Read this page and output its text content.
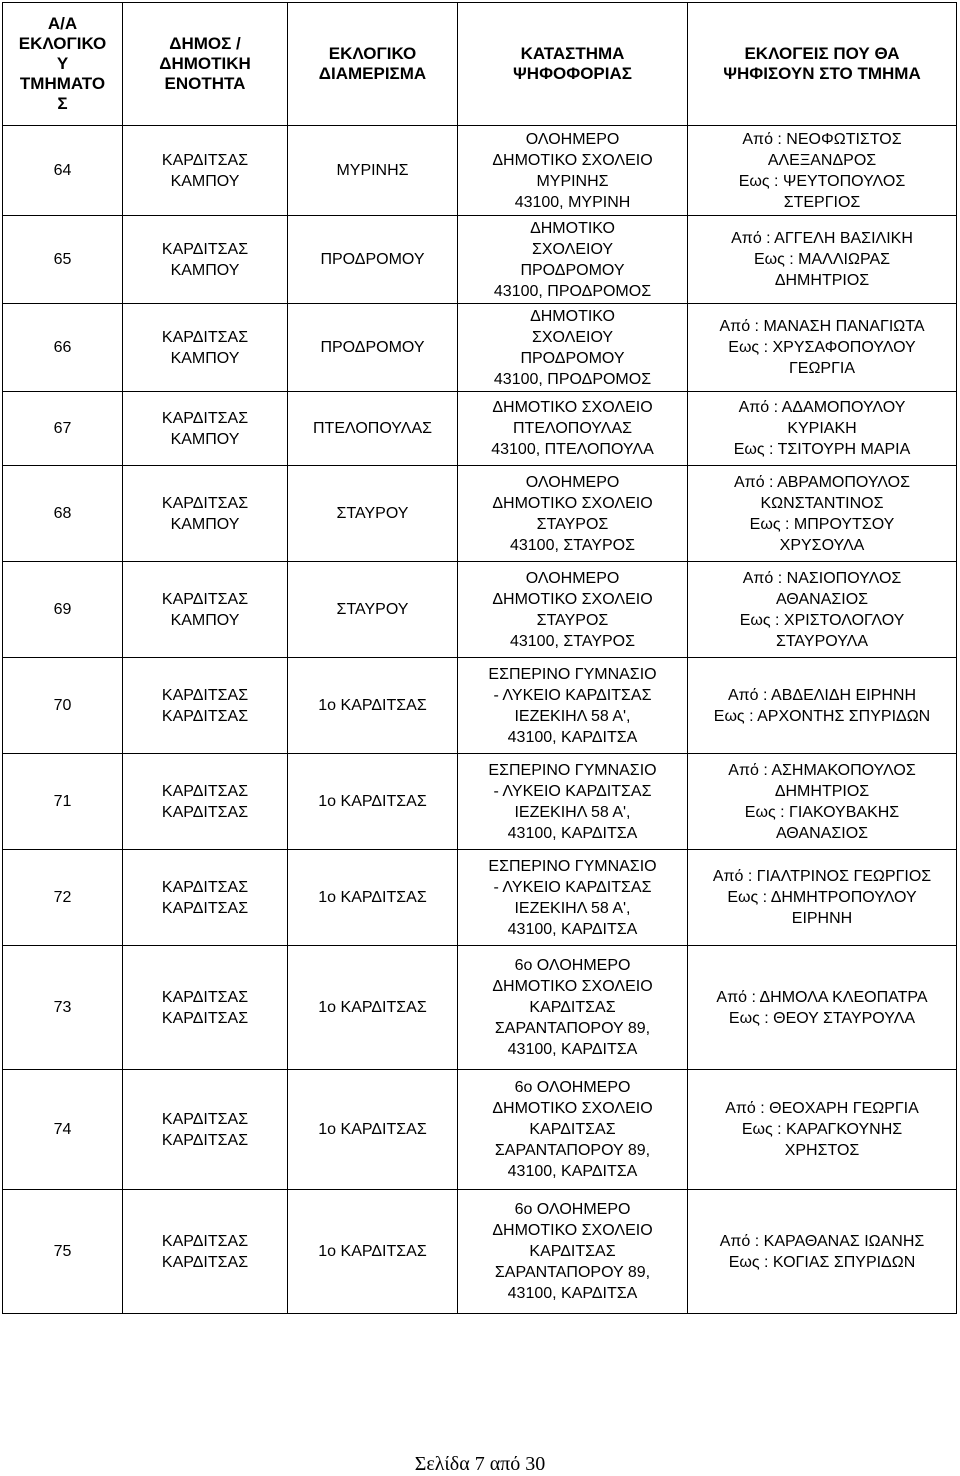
Α/Α
ΕΚΛΟΓΙΚΟ
Υ
ΤΜΗΜΑΤΟ
Σ	ΔΗΜΟΣ /
ΔΗΜΟΤΙΚΗ
ΕΝΟΤΗΤΑ	ΕΚΛΟΓΙΚΟ
ΔΙΑΜΕΡΙΣΜΑ	ΚΑΤΑΣΤΗΜΑ
ΨΗΦΟΦΟΡΙΑΣ	ΕΚΛΟΓΕΙΣ ΠΟΥ ΘΑ
ΨΗΦΙΣΟΥΝ ΣΤΟ ΤΜΗΜΑ

64	ΚΑΡΔΙΤΣΑΣ
ΚΑΜΠΟΥ	ΜΥΡΙΝΗΣ	ΟΛΟΗΜΕΡΟ
ΔΗΜΟΤΙΚΟ ΣΧΟΛΕΙΟ
ΜΥΡΙΝΗΣ
43100, ΜΥΡΙΝΗ	Από : ΝΕΟΦΩΤΙΣΤΟΣ
ΑΛΕΞΑΝΔΡΟΣ
Εως : ΨΕΥΤΟΠΟΥΛΟΣ
ΣΤΕΡΓΙΟΣ

65	ΚΑΡΔΙΤΣΑΣ
ΚΑΜΠΟΥ	ΠΡΟΔΡΟΜΟΥ	ΔΗΜΟΤΙΚΟ
ΣΧΟΛΕΙΟΥ
ΠΡΟΔΡΟΜΟΥ
43100, ΠΡΟΔΡΟΜΟΣ	Από : ΑΓΓΕΛΗ ΒΑΣΙΛΙΚΗ
Εως : ΜΑΛΛΙΩΡΑΣ
ΔΗΜΗΤΡΙΟΣ

66	ΚΑΡΔΙΤΣΑΣ
ΚΑΜΠΟΥ	ΠΡΟΔΡΟΜΟΥ	ΔΗΜΟΤΙΚΟ
ΣΧΟΛΕΙΟΥ
ΠΡΟΔΡΟΜΟΥ
43100, ΠΡΟΔΡΟΜΟΣ	Από : ΜΑΝΑΣΗ ΠΑΝΑΓΙΩΤΑ
Εως : ΧΡΥΣΑΦΟΠΟΥΛΟΥ
ΓΕΩΡΓΙΑ

67	ΚΑΡΔΙΤΣΑΣ
ΚΑΜΠΟΥ	ΠΤΕΛΟΠΟΥΛΑΣ	ΔΗΜΟΤΙΚΟ ΣΧΟΛΕΙΟ
ΠΤΕΛΟΠΟΥΛΑΣ
43100, ΠΤΕΛΟΠΟΥΛΑ	Από : ΑΔΑΜΟΠΟΥΛΟΥ
ΚΥΡΙΑΚΗ
Εως : ΤΣΙΤΟΥΡΗ ΜΑΡΙΑ

68	ΚΑΡΔΙΤΣΑΣ
ΚΑΜΠΟΥ	ΣΤΑΥΡΟΥ	ΟΛΟΗΜΕΡΟ
ΔΗΜΟΤΙΚΟ ΣΧΟΛΕΙΟ
ΣΤΑΥΡΟΣ
43100, ΣΤΑΥΡΟΣ	Από : ΑΒΡΑΜΟΠΟΥΛΟΣ
ΚΩΝΣΤΑΝΤΙΝΟΣ
Εως : ΜΠΡΟΥΤΣΟΥ
ΧΡΥΣΟΥΛΑ

69	ΚΑΡΔΙΤΣΑΣ
ΚΑΜΠΟΥ	ΣΤΑΥΡΟΥ	ΟΛΟΗΜΕΡΟ
ΔΗΜΟΤΙΚΟ ΣΧΟΛΕΙΟ
ΣΤΑΥΡΟΣ
43100, ΣΤΑΥΡΟΣ	Από : ΝΑΣΙΟΠΟΥΛΟΣ
ΑΘΑΝΑΣΙΟΣ
Εως : ΧΡΙΣΤΟΛΟΓΛΟΥ
ΣΤΑΥΡΟΥΛΑ

70	ΚΑΡΔΙΤΣΑΣ
ΚΑΡΔΙΤΣΑΣ	1ο ΚΑΡΔΙΤΣΑΣ	ΕΣΠΕΡΙΝΟ ΓΥΜΝΑΣΙΟ
- ΛΥΚΕΙΟ ΚΑΡΔΙΤΣΑΣ
ΙΕΖΕΚΙΗΛ 58 Α',
43100, ΚΑΡΔΙΤΣΑ	Από : ΑΒΔΕΛΙΔΗ ΕΙΡΗΝΗ
Εως : ΑΡΧΟΝΤΗΣ ΣΠΥΡΙΔΩΝ

71	ΚΑΡΔΙΤΣΑΣ
ΚΑΡΔΙΤΣΑΣ	1ο ΚΑΡΔΙΤΣΑΣ	ΕΣΠΕΡΙΝΟ ΓΥΜΝΑΣΙΟ
- ΛΥΚΕΙΟ ΚΑΡΔΙΤΣΑΣ
ΙΕΖΕΚΙΗΛ 58 Α',
43100, ΚΑΡΔΙΤΣΑ	Από : ΑΣΗΜΑΚΟΠΟΥΛΟΣ
ΔΗΜΗΤΡΙΟΣ
Εως : ΓΙΑΚΟΥΒΑΚΗΣ
ΑΘΑΝΑΣΙΟΣ

72	ΚΑΡΔΙΤΣΑΣ
ΚΑΡΔΙΤΣΑΣ	1ο ΚΑΡΔΙΤΣΑΣ	ΕΣΠΕΡΙΝΟ ΓΥΜΝΑΣΙΟ
- ΛΥΚΕΙΟ ΚΑΡΔΙΤΣΑΣ
ΙΕΖΕΚΙΗΛ 58 Α',
43100, ΚΑΡΔΙΤΣΑ	Από : ΓΙΑΛΤΡΙΝΟΣ ΓΕΩΡΓΙΟΣ
Εως : ΔΗΜΗΤΡΟΠΟΥΛΟΥ
ΕΙΡΗΝΗ

73	ΚΑΡΔΙΤΣΑΣ
ΚΑΡΔΙΤΣΑΣ	1ο ΚΑΡΔΙΤΣΑΣ	6ο ΟΛΟΗΜΕΡΟ
ΔΗΜΟΤΙΚΟ ΣΧΟΛΕΙΟ
ΚΑΡΔΙΤΣΑΣ
ΣΑΡΑΝΤΑΠΟΡΟΥ 89,
43100, ΚΑΡΔΙΤΣΑ	Από : ΔΗΜΟΛΑ ΚΛΕΟΠΑΤΡΑ
Εως : ΘΕΟΥ ΣΤΑΥΡΟΥΛΑ

74	ΚΑΡΔΙΤΣΑΣ
ΚΑΡΔΙΤΣΑΣ	1ο ΚΑΡΔΙΤΣΑΣ	6ο ΟΛΟΗΜΕΡΟ
ΔΗΜΟΤΙΚΟ ΣΧΟΛΕΙΟ
ΚΑΡΔΙΤΣΑΣ
ΣΑΡΑΝΤΑΠΟΡΟΥ 89,
43100, ΚΑΡΔΙΤΣΑ	Από : ΘΕΟΧΑΡΗ ΓΕΩΡΓΙΑ
Εως : ΚΑΡΑΓΚΟΥΝΗΣ
ΧΡΗΣΤΟΣ

75	ΚΑΡΔΙΤΣΑΣ
ΚΑΡΔΙΤΣΑΣ	1ο ΚΑΡΔΙΤΣΑΣ	6ο ΟΛΟΗΜΕΡΟ
ΔΗΜΟΤΙΚΟ ΣΧΟΛΕΙΟ
ΚΑΡΔΙΤΣΑΣ
ΣΑΡΑΝΤΑΠΟΡΟΥ 89,
43100, ΚΑΡΔΙΤΣΑ	Από : ΚΑΡΑΘΑΝΑΣ ΙΩΑΝΗΣ
Εως : ΚΟΓΙΑΣ ΣΠΥΡΙΔΩΝ
Σελίδα 7 από 30
